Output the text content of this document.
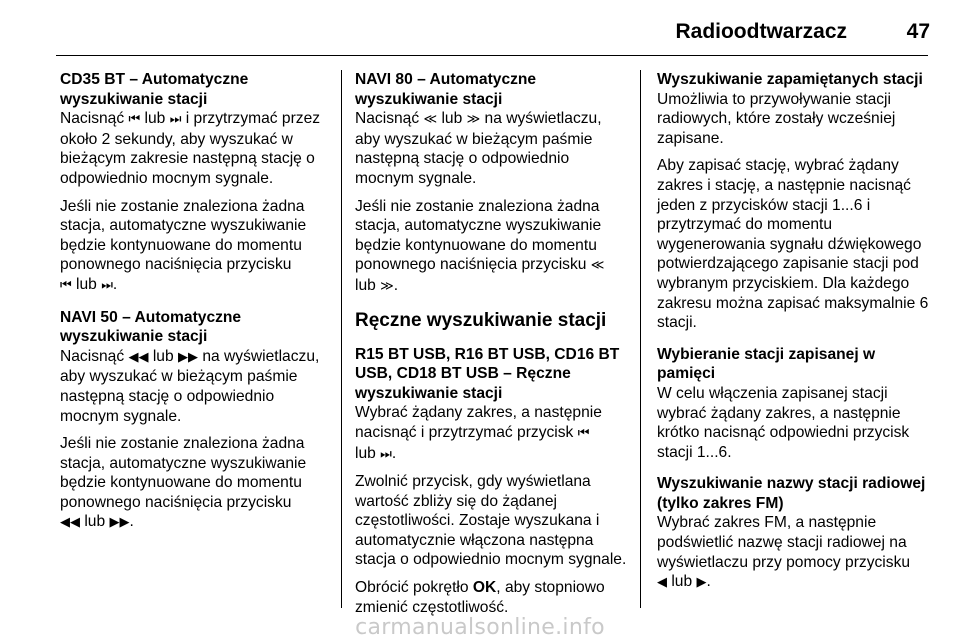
Radioodtwarzacz	47
CD35 BT – Automatyczne wyszukiwanie stacji

Nacisnąć ⏮ lub ⏭ i przytrzymać przez około 2 sekundy, aby wyszukać w bieżącym zakresie następną stację o odpowiednio mocnym sygnale.

Jeśli nie zostanie znaleziona żadna stacja, automatyczne wyszukiwanie będzie kontynuowane do momentu ponownego naciśnięcia przycisku
⏮ lub ⏭.

NAVI 50 – Automatyczne wyszukiwanie stacji

Nacisnąć ◀◀ lub ▶▶ na wyświetlaczu, aby wyszukać w bieżącym paśmie następną stację o odpowiednio mocnym sygnale.

Jeśli nie zostanie znaleziona żadna stacja, automatyczne wyszukiwanie będzie kontynuowane do momentu ponownego naciśnięcia przycisku
◀◀ lub ▶▶.

NAVI 80 – Automatyczne wyszukiwanie stacji

Nacisnąć ≪ lub ≫ na wyświetlaczu, aby wyszukać w bieżącym paśmie następną stację o odpowiednio mocnym sygnale.

Jeśli nie zostanie znaleziona żadna stacja, automatyczne wyszukiwanie będzie kontynuowane do momentu ponownego naciśnięcia przycisku ≪
lub ≫.

Ręczne wyszukiwanie stacji
R15 BT USB, R16 BT USB, CD16 BT USB, CD18 BT USB – Ręczne wyszukiwanie stacji

Wybrać żądany zakres, a następnie nacisnąć i przytrzymać przycisk ⏮
lub ⏭.

Zwolnić przycisk, gdy wyświetlana wartość zbliży się do żądanej częstotliwości. Zostaje wyszukana i automatycznie włączona następna stacja o odpowiednio mocnym sygnale.

Obrócić pokrętło OK, aby stopniowo zmienić częstotliwość.

Wyszukiwanie zapamiętanych stacji

Umożliwia to przywoływanie stacji radiowych, które zostały wcześniej zapisane.

Aby zapisać stację, wybrać żądany zakres i stację, a następnie nacisnąć jeden z przycisków stacji 1...6 i przytrzymać do momentu wygenerowania sygnału dźwiękowego potwierdzającego zapisanie stacji pod wybranym przyciskiem. Dla każdego zakresu można zapisać maksymalnie 6 stacji.

Wybieranie stacji zapisanej w pamięci

W celu włączenia zapisanej stacji wybrać żądany zakres, a następnie krótko nacisnąć odpowiedni przycisk stacji 1...6.

Wyszukiwanie nazwy stacji radiowej (tylko zakres FM)

Wybrać zakres FM, a następnie podświetlić nazwę stacji radiowej na wyświetlaczu przy pomocy przycisku
◀ lub ▶.

carmanualsonline.info
